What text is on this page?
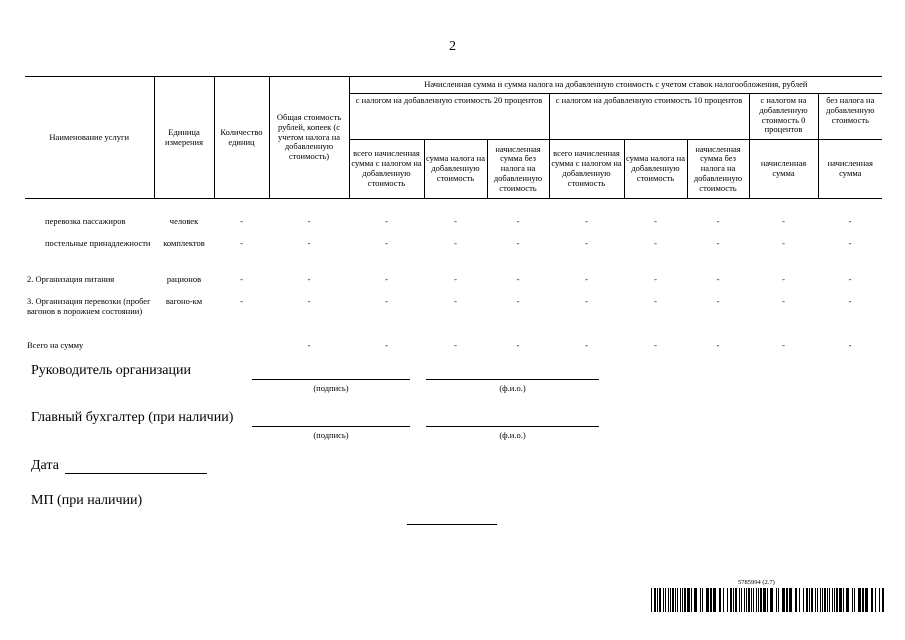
2
Наименование услуги	Единица измерения	Количество единиц	Общая стоимость рублей, копеек (с учетом налога на добавленную стоимость)	Начисленная сумма и сумма налога на добавленную стоимость с учетом ставок налогообложения, рублей							
				с налогом на добавленную стоимость 20 процентов			с налогом на добавленную стоимость 10 процентов			с налогом на добавленную стоимость 0 процентов	без налога на добавленную стоимость
				всего начисленная сумма с налогом на добавленную стоимость	сумма налога на добавленную стоимость	начисленная сумма без налога на добавленную стоимость	всего начисленная сумма с налогом на добавленную стоимость	сумма налога на добавленную стоимость	начисленная сумма без налога на добавленную стоимость	начисленная сумма	начисленная сумма

перевозка пассажиров	человек	-	-	-	-	-	-	-	-	-	-
постельные принадлежности	комплектов	-	-	-	-	-	-	-	-	-	-
2. Организация питания	рационов	-	-	-	-	-	-	-	-	-	-
3. Организация перевозки (пробег вагонов в порожнем состоянии)	вагоно-км	-	-	-	-	-	-	-	-	-	-
Всего на сумму			-	-	-	-	-	-	-	-	-
Руководитель организации
(подпись)	(ф.и.о.)
Главный бухгалтер (при наличии)
(подпись)	(ф.и.о.)
Дата
МП (при наличии)
5785994 (2.7)
